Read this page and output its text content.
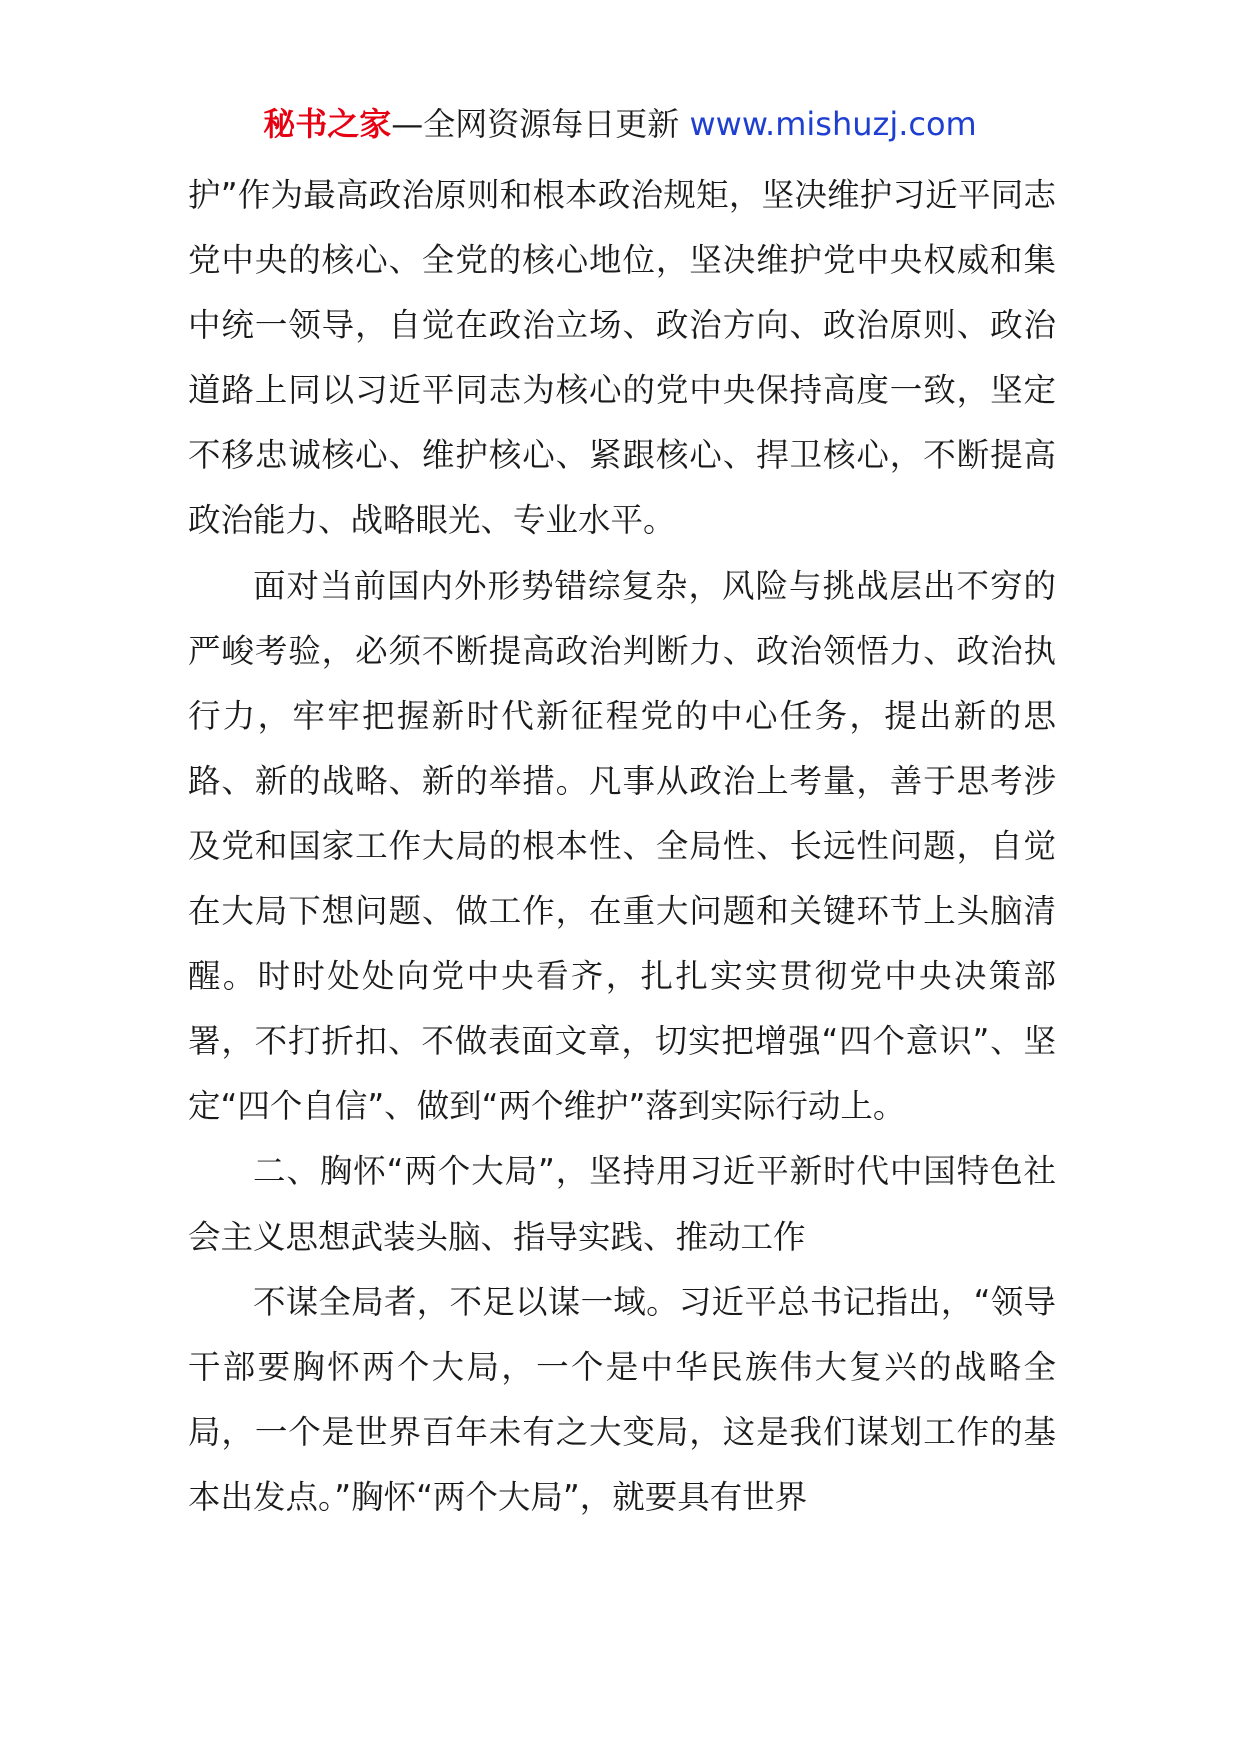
秘书之家—全网资源每日更新 www.mishuzj.com

护”作为最高政治原则和根本政治规矩，坚决维护习近平同志党中央的核心、全党的核心地位，坚决维护党中央权威和集中统一领导，自觉在政治立场、政治方向、政治原则、政治道路上同以习近平同志为核心的党中央保持高度一致，坚定不移忠诚核心、维护核心、紧跟核心、捍卫核心，不断提高政治能力、战略眼光、专业水平。

面对当前国内外形势错综复杂，风险与挑战层出不穷的严峻考验，必须不断提高政治判断力、政治领悟力、政治执行力，牢牢把握新时代新征程党的中心任务，提出新的思路、新的战略、新的举措。凡事从政治上考量，善于思考涉及党和国家工作大局的根本性、全局性、长远性问题，自觉在大局下想问题、做工作，在重大问题和关键环节上头脑清醒。时时处处向党中央看齐，扎扎实实贯彻党中央决策部署，不打折扣、不做表面文章，切实把增强“四个意识”、坚定“四个自信”、做到“两个维护”落到实际行动上。

二、胸怀“两个大局”，坚持用习近平新时代中国特色社会主义思想武装头脑、指导实践、推动工作

不谋全局者，不足以谋一域。习近平总书记指出，“领导干部要胸怀两个大局，一个是中华民族伟大复兴的战略全局，一个是世界百年未有之大变局，这是我们谋划工作的基本出发点。”胸怀“两个大局”，就要具有世界
